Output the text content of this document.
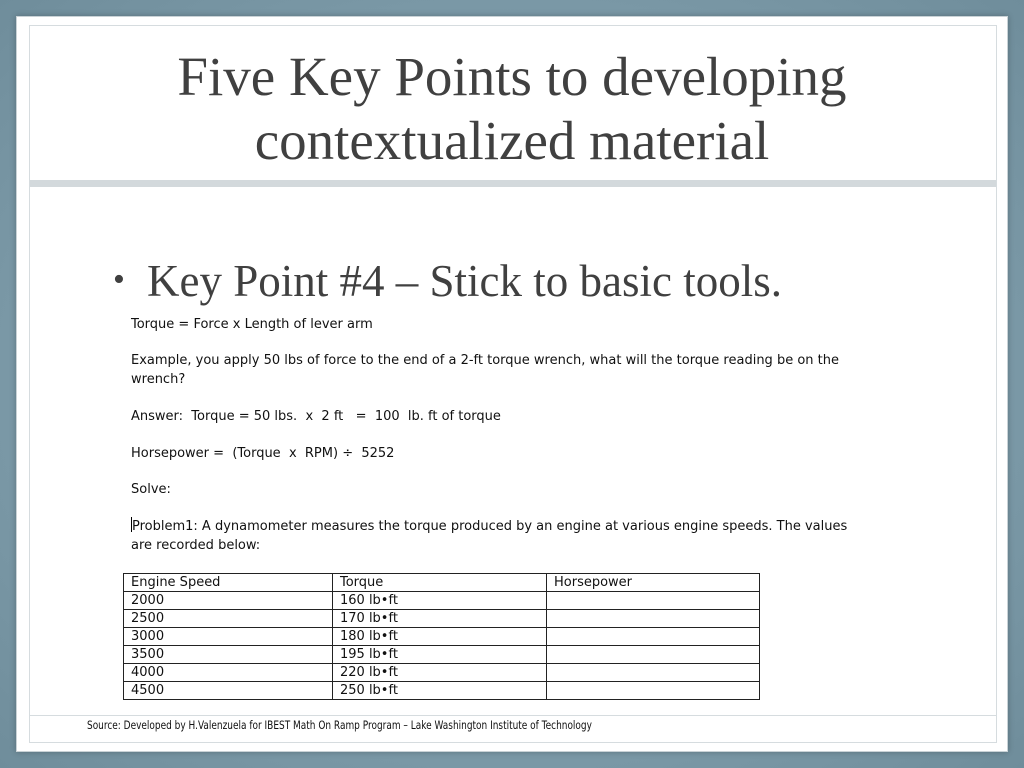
Five Key Points to developing
contextualized material
• Key Point #4 – Stick to basic tools.

Torque = Force x Length of lever arm

Example, you apply 50 lbs of force to the end of a 2-ft torque wrench, what will the torque reading be on the wrench?

Answer:  Torque = 50 lbs.  x  2 ft   =  100  lb. ft of torque

Horsepower =  (Torque  x  RPM) ÷  5252

Solve:

Problem1: A dynamometer measures the torque produced by an engine at various engine speeds. The values are recorded below:

Engine Speed	Torque	Horsepower
2000	160 lb•ft	
2500	170 lb•ft	
3000	180 lb•ft	
3500	195 lb•ft	
4000	220 lb•ft	
4500	250 lb•ft	
Source: Developed by H.Valenzuela for IBEST Math On Ramp Program – Lake Washington Institute of Technology
